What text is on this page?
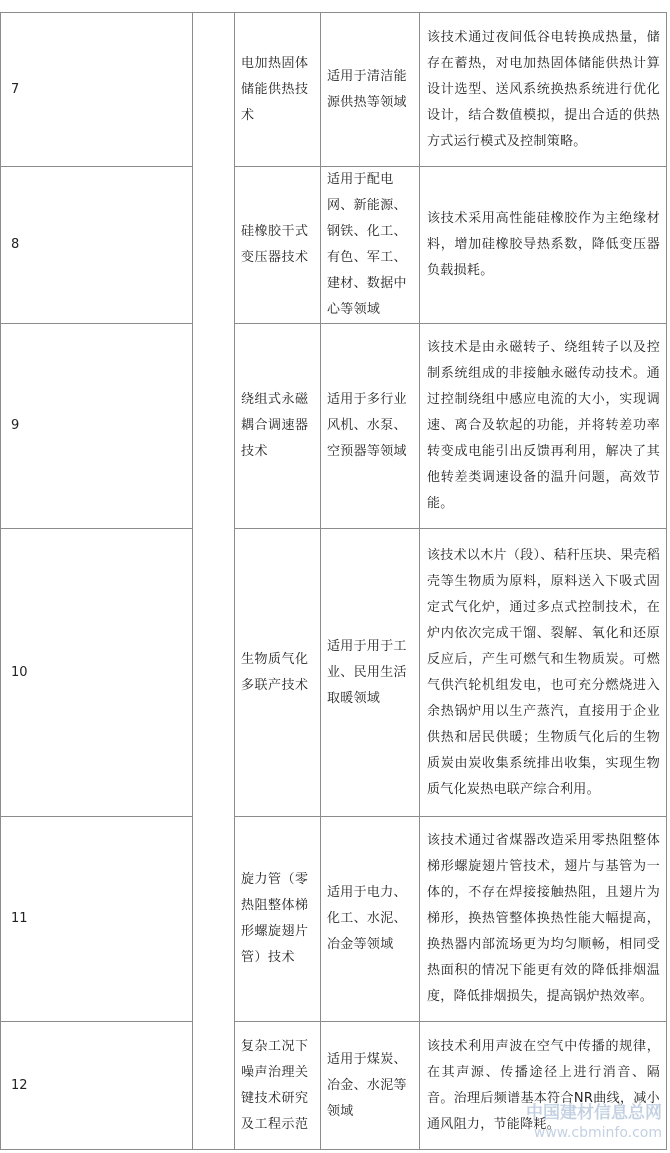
7		电加热固体储能供热技术	适用于清洁能源供热等领域	该技术通过夜间低谷电转换成热量，储存在蓄热，对电加热固体储能供热计算设计选型、送风系统换热系统进行优化设计，结合数值模拟，提出合适的供热方式运行模式及控制策略。
8		硅橡胶干式变压器技术	适用于配电网、新能源、钢铁、化工、有色、军工、建材、数据中心等领域	该技术采用高性能硅橡胶作为主绝缘材料，增加硅橡胶导热系数，降低变压器负载损耗。
9		绕组式永磁耦合调速器技术	适用于多行业风机、水泵、空预器等领域	该技术是由永磁转子、绕组转子以及控制系统组成的非接触永磁传动技术。通过控制绕组中感应电流的大小，实现调速、离合及软起的功能，并将转差功率转变成电能引出反馈再利用，解决了其他转差类调速设备的温升问题，高效节能。
10		生物质气化多联产技术	适用于用于工业、民用生活取暖领域	该技术以木片（段）、秸秆压块、果壳稻壳等生物质为原料，原料送入下吸式固定式气化炉，通过多点式控制技术，在炉内依次完成干馏、裂解、氧化和还原反应后，产生可燃气和生物质炭。可燃气供汽轮机组发电，也可充分燃烧进入余热锅炉用以生产蒸汽，直接用于企业供热和居民供暖；生物质气化后的生物质炭由炭收集系统排出收集，实现生物质气化炭热电联产综合利用。
11		旋力管（零热阻整体梯形螺旋翅片管）技术	适用于电力、化工、水泥、冶金等领域	该技术通过省煤器改造采用零热阻整体梯形螺旋翅片管技术，翅片与基管为一体的，不存在焊接接触热阻，且翅片为梯形，换热管整体换热性能大幅提高，换热器内部流场更为均匀顺畅，相同受热面积的情况下能更有效的降低排烟温度，降低排烟损失，提高锅炉热效率。
12		复杂工况下噪声治理关键技术研究及工程示范	适用于煤炭、冶金、水泥等领域	该技术利用声波在空气中传播的规律，在其声源、传播途径上进行消音、隔音。治理后频谱基本符合NR曲线，减小通风阻力，节能降耗。
中国建材信息总网
www.cbminfo.com
